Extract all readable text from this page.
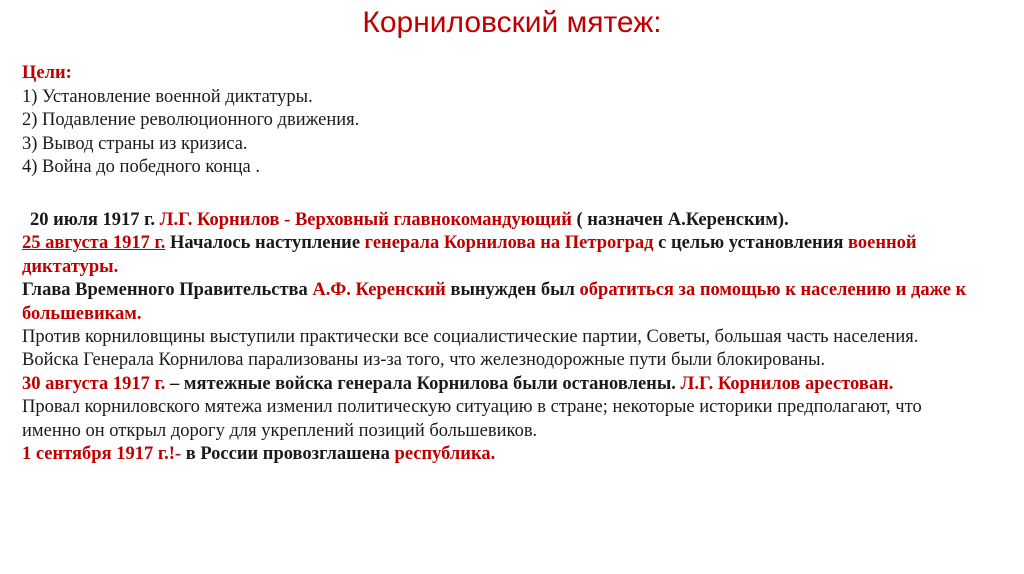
Корниловский мятеж:
Цели:
1) Установление военной диктатуры.
2) Подавление революционного движения.
3) Вывод страны из кризиса.
4) Война до победного конца .

20 июля 1917 г. Л.Г. Корнилов - Верховный главнокомандующий ( назначен А.Керенским).

25 августа 1917 г. Началось наступление генерала Корнилова на Петроград с целью установления военной диктатуры.

Глава Временного Правительства А.Ф. Керенский вынужден был обратиться за помощью к населению и даже к большевикам.

Против корниловщины выступили практически все социалистические партии, Советы, большая часть населения.

Войска Генерала Корнилова парализованы из-за того, что железнодорожные пути были блокированы.

30 августа 1917 г. – мятежные войска генерала Корнилова были остановлены. Л.Г. Корнилов арестован.

Провал корниловского мятежа изменил политическую ситуацию в стране; некоторые историки предполагают, что именно он открыл дорогу для укреплений позиций большевиков.

1 сентября 1917 г.!- в России провозглашена республика.
